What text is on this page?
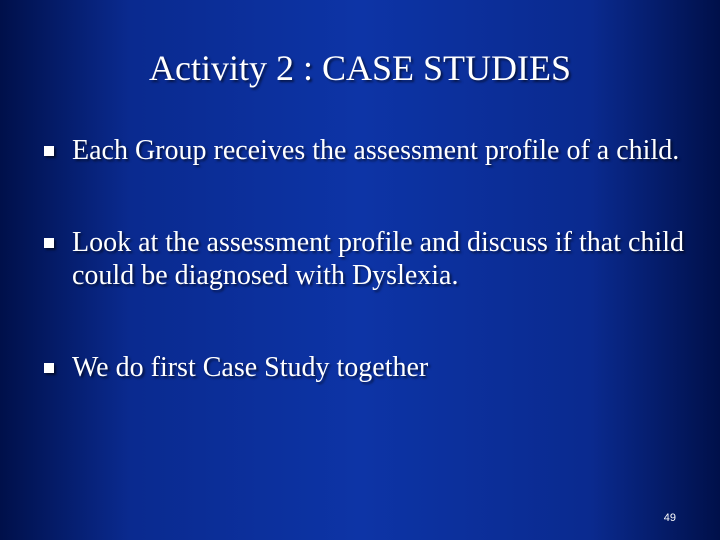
Activity 2 : CASE STUDIES
Each Group receives the assessment profile of a child.
Look at the assessment profile and discuss if that child could be diagnosed with Dyslexia.
We do first Case Study together
49
